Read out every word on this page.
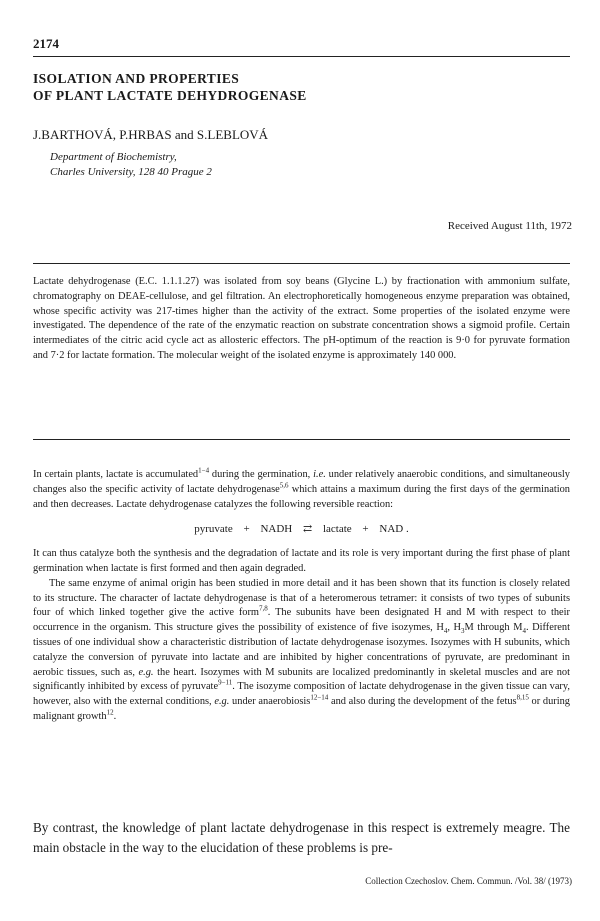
2174
ISOLATION AND PROPERTIES
OF PLANT LACTATE DEHYDROGENASE
J.BARTHOVÁ, P.HRBAS and S.LEBLOVÁ
Department of Biochemistry,
Charles University, 128 40 Prague 2
Received August 11th, 1972
Lactate dehydrogenase (E.C. 1.1.1.27) was isolated from soy beans (Glycine L.) by fractionation with ammonium sulfate, chromatography on DEAE-cellulose, and gel filtration. An electrophoretically homogeneous enzyme preparation was obtained, whose specific activity was 217-times higher than the activity of the extract. Some properties of the isolated enzyme were investigated. The dependence of the rate of the enzymatic reaction on substrate concentration shows a sigmoid profile. Certain intermediates of the citric acid cycle act as allosteric effectors. The pH-optimum of the reaction is 9·0 for pyruvate formation and 7·2 for lactate formation. The molecular weight of the isolated enzyme is approximately 140 000.

In certain plants, lactate is accumulated$^{1-4}$ during the germination, i.e. under relatively anaerobic conditions, and simultaneously changes also the specific activity of lactate dehydrogenase$^{5,6}$ which attains a maximum during the first days of the germination and then decreases. Lactate dehydrogenase catalyzes the following reversible reaction:

pyruvate + NADH ⇄ lactate + NAD .

It can thus catalyze both the synthesis and the degradation of lactate and its role is very important during the first phase of plant germination when lactate is first formed and then again degraded.

The same enzyme of animal origin has been studied in more detail and it has been shown that its function is closely related to its structure. The character of lactate dehydrogenase is that of a heteromerous tetramer: it consists of two types of subunits four of which linked together give the active form$^{7,8}$. The subunits have been designated H and M with respect to their occurrence in the organism. This structure gives the possibility of existence of five isozymes, $H_4$, $H_3M$ through $M_4$. Different tissues of one individual show a characteristic distribution of lactate dehydrogenase isozymes. Isozymes with H subunits, which catalyze the conversion of pyruvate into lactate and are inhibited by higher concentrations of pyruvate, are predominant in aerobic tissues, such as, e.g. the heart. Isozymes with M subunits are localized predominantly in skeletal muscles and are not significantly inhibited by excess of pyruvate$^{9-11}$. The isozyme composition of lactate dehydrogenase in the given tissue can vary, however, also with the external conditions, e.g. under anaerobiosis$^{12-14}$ and also during the development of the fetus$^{8,15}$ or during malignant growth$^{12}$.

By contrast, the knowledge of plant lactate dehydrogenase in this respect is extremely meagre. The main obstacle in the way to the elucidation of these problems is pre-
Collection Czechoslov. Chem. Commun. /Vol. 38/ (1973)
